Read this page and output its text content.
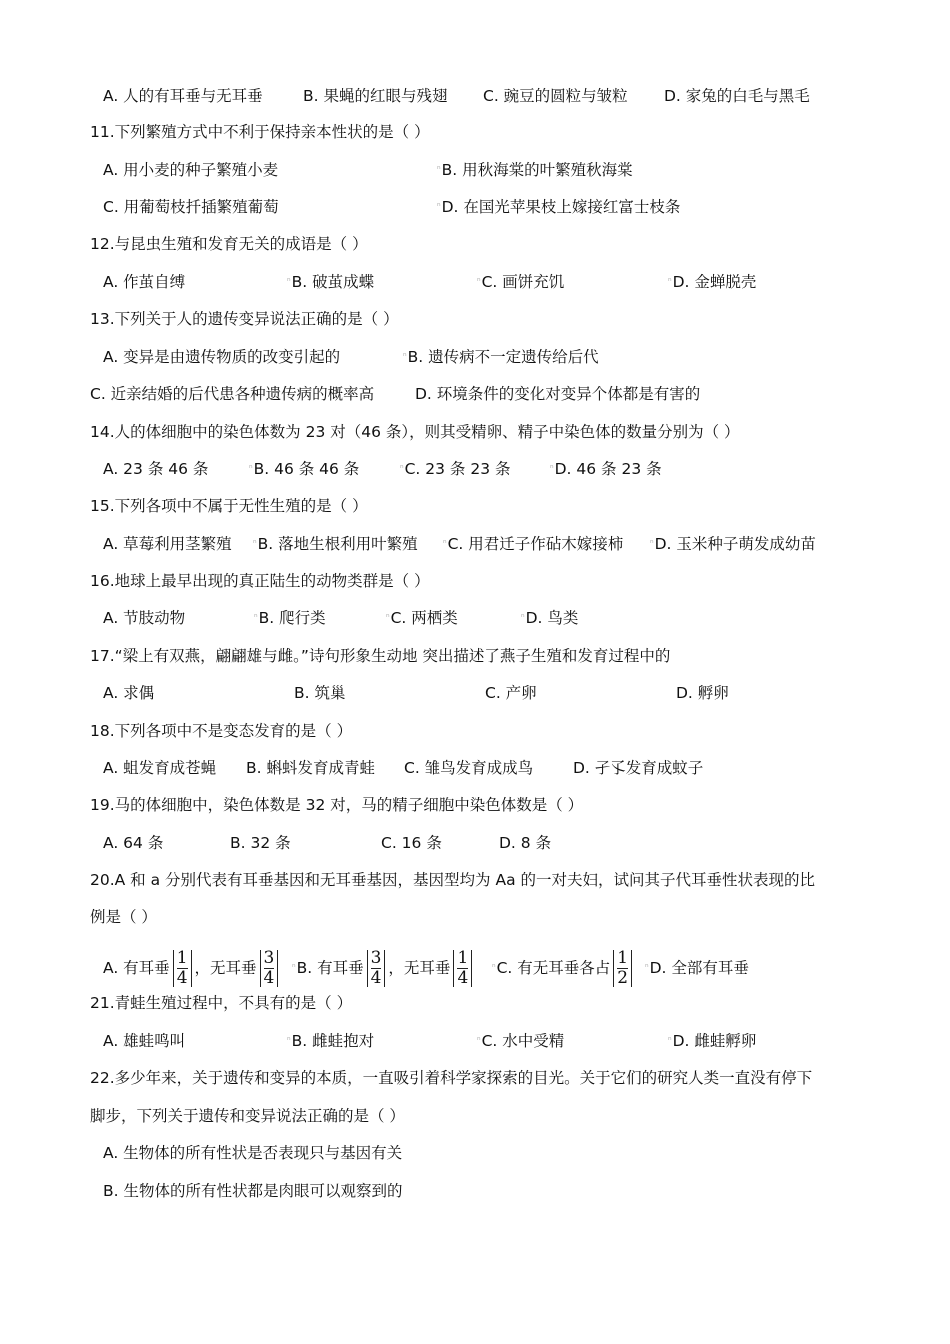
A. 人的有耳垂与无耳垂	B. 果蝇的红眼与残翅 C. 豌豆的圆粒与皱粒 D. 家兔的白毛与黑毛
11.下列繁殖方式中不利于保持亲本性状的是（ ）
A. 用小麦的种子繁殖小麦	$^{^n}$B. 用秋海棠的叶繁殖秋海棠
C. 用葡萄枝扦插繁殖葡萄	$^{^n}$D. 在国光苹果枝上嫁接红富士枝条
12.与昆虫生殖和发育无关的成语是（ ）
A. 作茧自缚	$^{^n}$B. 破茧成蝶	$^{^n}$C. 画饼充饥	$^{^n}$D. 金蝉脱壳
13.下列关于人的遗传变异说法正确的是（ ）
A. 变异是由遗传物质的改变引起的	$^{^n}$B. 遗传病不一定遗传给后代
C. 近亲结婚的后代患各种遗传病的概率高	D. 环境条件的变化对变异个体都是有害的
14.人的体细胞中的染色体数为 23 对（46 条），则其受精卵、精子中染色体的数量分别为（ ）
A. 23 条 46 条	$^{^n}$B. 46 条 46 条	$^{^n}$C. 23 条 23 条	$^{^n}$D. 46 条 23 条
15.下列各项中不属于无性生殖的是（ ）
A. 草莓利用茎繁殖 $^{^n}$B. 落地生根利用叶繁殖	$^{^n}$C. 用君迁子作砧木嫁接柿	$^{^n}$D. 玉米种子萌发成幼苗
16.地球上最早出现的真正陆生的动物类群是（ ）
A. 节肢动物	$^{^n}$B. 爬行类	$^{^n}$C. 两栖类	$^{^n}$D. 鸟类
17.“梁上有双燕，翩翩雄与雌。”诗句形象生动地 突出描述了燕子生殖和发育过程中的
A. 求偶	B. 筑巢	C. 产卵	D. 孵卵
18.下列各项中不是变态发育的是（ ）
A. 蛆发育成苍蝇 B. 蝌蚪发育成青蛙 C. 雏鸟发育成成鸟	D. 孑孓发育成蚊子
19.马的体细胞中，染色体数是 32 对，马的精子细胞中染色体数是（ ）
A. 64 条	B. 32 条	C. 16 条	D. 8 条
20.A 和 a 分别代表有耳垂基因和无耳垂基因，基因型均为 Aa 的一对夫妇，试问其子代耳垂性状表现的比
例是（ ）
21.青蛙生殖过程中，不具有的是（ ）
A. 雄蛙鸣叫	$^{^n}$B. 雌蛙抱对	$^{^n}$C. 水中受精	$^{^n}$D. 雌蛙孵卵
22.多少年来，关于遗传和变异的本质，一直吸引着科学家探索的目光。关于它们的研究人类一直没有停下
脚步，下列关于遗传和变异说法正确的是（ ）
A. 生物体的所有性状是否表现只与基因有关
B. 生物体的所有性状都是肉眼可以观察到的
A. 有耳垂 $\frac{1}{4}$ ，无耳垂 $\frac{3}{4} ^{^n}B$. 有耳垂 $\frac{3}{4}$ ，无耳垂 $\frac{1}{4} ^{^n}C$. 有无耳垂各占 $\frac{1}{2} ^{^n}D$. 全部有耳垂
